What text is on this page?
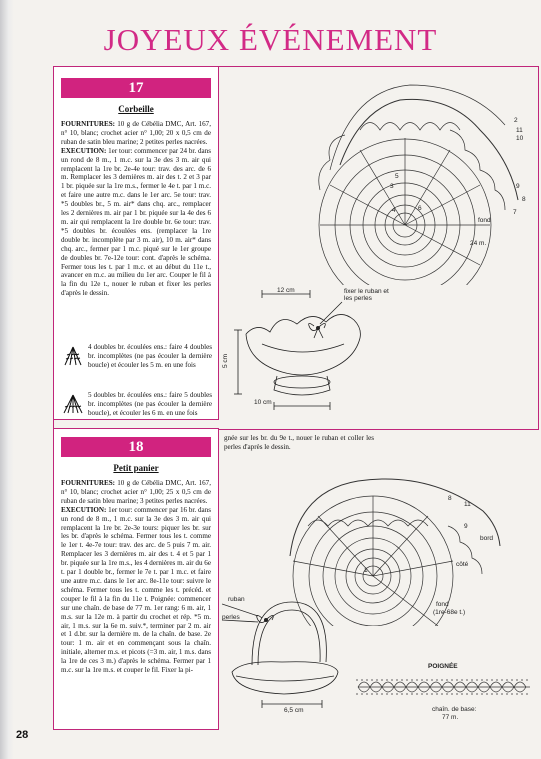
JOYEUX ÉVÉNEMENT
17
Corbeille
FOURNITURES: 10 g de Cébélia DMC, Art. 167, n° 10, blanc; crochet acier n° 1,00; 20 x 0,5 cm de ruban de satin bleu marine; 2 petites perles nacrées.
EXECUTION: 1er tour: commencer par 24 br. dans un rond de 8 m., 1 m.c. sur la 3e des 3 m. air qui remplacent la 1re br. 2e-4e tour: trav. des arc. de 6 m. Remplacer les 3 dernières m. air des t. 2 et 3 par 1 br. piquée sur la 1re m.s., fermer le 4e t. par 1 m.c. et faire une autre m.c. dans le 1er arc. 5e tour: trav. *5 doubles br., 5 m. air* dans chq. arc., remplacer les 2 dernières m. air par 1 br. piquée sur la 4e des 6 m. air qui remplacent la 1re double br. 6e tour: trav. *5 doubles br. écoulées ens. (remplacer la 1re double br. incomplète par 3 m. air), 10 m. air* dans chq. arc., fermer par 1 m.c. piqué sur le 1er groupe de doubles br. 7e-12e tour: cont. d'après le schéma. Fermer tous les t. par 1 m.c. et au début du 11e t., avancer en m.c. au milieu du 1er arc. Couper le fil à la fin du 12e t., nouer le ruban et fixer les perles d'après le dessin.
4 doubles br. écoulées ens.: faire 4 doubles br. incomplètes (ne pas écouler la dernière boucle) et écouler les 5 m. en une fois
5 doubles br. écoulées ens.: faire 5 doubles br. incomplètes (ne pas écouler la dernière boucle), et écouler les 6 m. en une fois
2
11
10
9
8
7
5
3
4	6
fond
24 m.
12 cm
5 cm
10 cm
fixer le ruban et les perles
18
Petit panier
FOURNITURES: 10 g de Cébélia DMC, Art. 167, n° 10, blanc; crochet acier n° 1,00; 25 x 0,5 cm de ruban de satin bleu marine; 3 petites perles nacrées.
EXECUTION: 1er tour: commencer par 16 br. dans un rond de 8 m., 1 m.c. sur la 3e des 3 m. air qui remplacent la 1re br. 2e-3e tours: piquer les br. sur les br. d'après le schéma. Fermer tous les t. comme le 1er t. 4e-7e tour: trav. des arc. de 5 puis 7 m. air. Remplacer les 3 dernières m. air des t. 4 et 5 par 1 br. piquée sur la 1re m.s., les 4 dernières m. air du 6e t. par 1 double br., fermer le 7e t. par 1 m.c. et faire une autre m.c. dans le 1er arc. 8e-11e tour: suivre le schéma. Fermer tous les t. comme les t. précéd. et couper le fil à la fin du 11e t. Poignée: commencer sur une chaîn. de base de 77 m. 1er rang: 6 m. air, 1 m.s. sur la 12e m. à partir du crochet et rép. *5 m. air, 1 m.s. sur la 6e m. suiv.*, terminer par 2 m. air et 1 d.br. sur la dernière m. de la chaîn. de base. 2e tour: 1 m. air et en commençant sous la chaîn. initiale, alterner m.s. et picots (=3 m. air, 1 m.s. dans la 1re de ces 3 m.) d'après le schéma. Fermer par 1 m.c. sur la 1re m.s. et couper le fil. Fixer la pi-
gnée sur les br. du 9e t., nouer le ruban et coller les perles d'après le dessin.
8
9
11
1
bord
côté
fond
(1re-68e t.)
6,5 cm
ruban
perles
POIGNÉE
chaîn. de base:
77 m.
28
